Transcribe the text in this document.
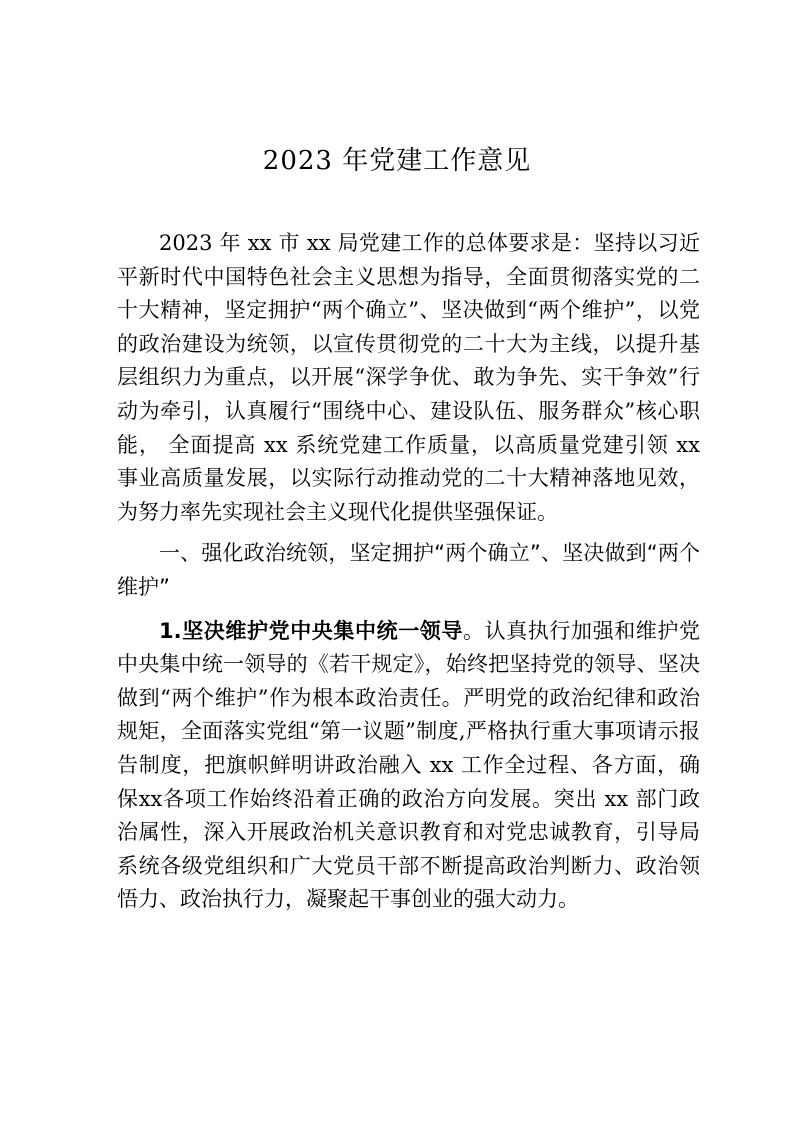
2023 年党建工作意见

2023 年 xx 市 xx 局党建工作的总体要求是：坚持以习近平新时代中国特色社会主义思想为指导，全面贯彻落实党的二十大精神，坚定拥护“两个确立”、坚决做到“两个维护”，以党的政治建设为统领，以宣传贯彻党的二十大为主线，以提升基层组织力为重点，以开展“深学争优、敢为争先、实干争效”行动为牵引，认真履行“围绕中心、建设队伍、服务群众”核心职能， 全面提高 xx 系统党建工作质量，以高质量党建引领 xx 事业高质量发展，以实际行动推动党的二十大精神落地见效，为努力率先实现社会主义现代化提供坚强保证。

一、强化政治统领，坚定拥护“两个确立”、坚决做到“两个维护”

1.坚决维护党中央集中统一领导。认真执行加强和维护党中央集中统一领导的《若干规定》，始终把坚持党的领导、坚决做到“两个维护”作为根本政治责任。严明党的政治纪律和政治规矩，全面落实党组“第一议题”制度,严格执行重大事项请示报告制度，把旗帜鲜明讲政治融入 xx 工作全过程、各方面，确保xx各项工作始终沿着正确的政治方向发展。突出 xx 部门政治属性，深入开展政治机关意识教育和对党忠诚教育，引导局系统各级党组织和广大党员干部不断提高政治判断力、政治领悟力、政治执行力，凝聚起干事创业的强大动力。
